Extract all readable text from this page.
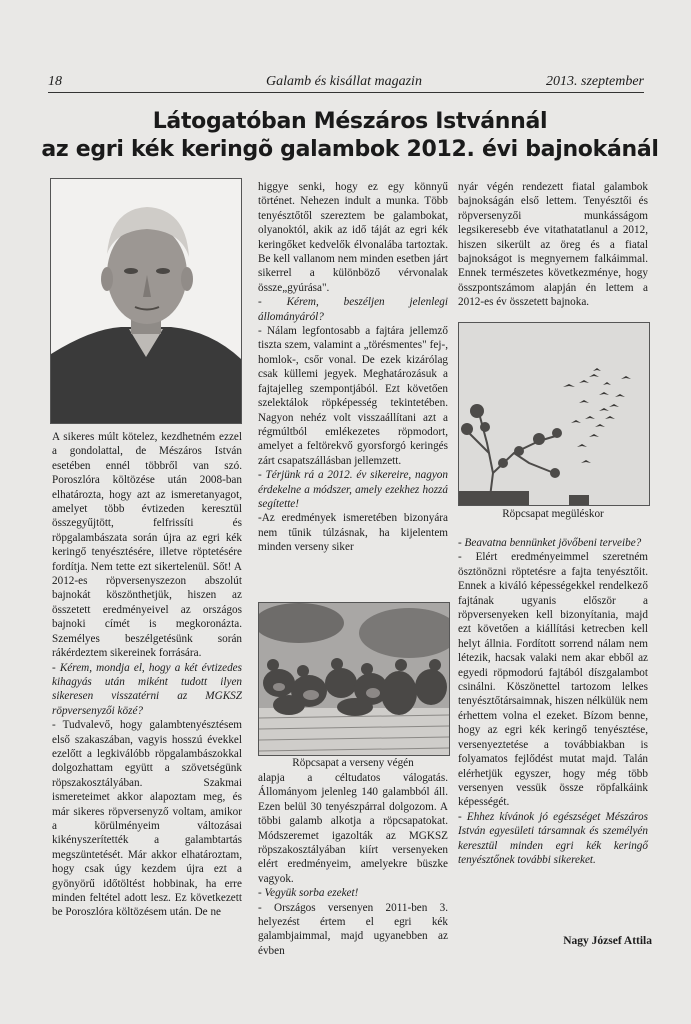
18	Galamb és kisállat magazin	2013. szeptember
Látogatóban Mészáros Istvánnál
az egri kék keringõ galambok 2012. évi bajnokánál

A sikeres múlt kötelez, kezdhetném ezzel a gondolattal, de Mészáros István esetében ennél többről van szó. Poroszlóra költözése után 2008-ban elhatározta, hogy azt az ismeretanyagot, amelyet több évtizeden keresztül összegyűjtött, felfrissíti és röpgalambászata során újra az egri kék keringő tenyésztésére, illetve röptetésére fordítja. Nem tette ezt sikertelenül. Sőt! A 2012-es röpversenyszezon abszolút bajnokát köszönthetjük, hiszen az összetett eredményeivel az országos bajnoki címét is megkoronázta. Személyes beszélgetésünk során rákérdeztem sikereinek forrására.

- Kérem, mondja el, hogy a két évtizedes kihagyás után miként tudott ilyen sikeresen visszatérni az MGKSZ röpversenyzői közé?

- Tudvalevő, hogy galambtenyésztésem első szakaszában, vagyis hosszú évekkel ezelőtt a legkiválóbb röpgalambászokkal dolgozhattam együtt a szövetségünk röpszakosztályában. Szakmai ismereteimet akkor alapoztam meg, és már sikeres röpversenyző voltam, amikor a körülményeim változásai kikényszerítették a galambtartás megszüntetését. Már akkor elhatároztam, hogy csak úgy kezdem újra ezt a gyönyörű időtöltést hobbinak, ha erre minden feltétel adott lesz. Ez következett be Poroszlóra költözésem után. De ne

higgye senki, hogy ez egy könnyű történet. Nehezen indult a munka. Több tenyésztőtől szereztem be galambokat, olyanoktól, akik az idő táját az egri kék keringőket kedvelők élvonalába tartoztak. Be kell vallanom nem minden esetben járt sikerrel a különböző vérvonalak össze„gyúrása".

- Kérem, beszéljen jelenlegi állományáról?

- Nálam legfontosabb a fajtára jellemző tiszta szem, valamint a „törésmentes" fej-, homlok-, csőr vonal. De ezek kizárólag csak küllemi jegyek. Meghatározásuk a fajtajelleg szempontjából. Ezt követően szelektálok röpképesség tekintetében. Nagyon nehéz volt visszaállítani azt a régmúltból emlékezetes röpmodort, amelyet a feltörekvő gyorsforgó keringés zárt csapatszállásban jellemzett.

- Térjünk rá a 2012. év sikereire, nagyon érdekelne a módszer, amely ezekhez hozzá segítette!

-Az eredmények ismeretében bizonyára nem tűnik túlzásnak, ha kijelentem minden verseny siker

Röpcsapat a verseny végén

alapja a céltudatos válogatás. Állományom jelenleg 140 galambból áll. Ezen belül 30 tenyészpárral dolgozom. A többi galamb alkotja a röpcsapatokat. Módszeremet igazolták az MGKSZ röpszakosztályában kiírt versenyeken elért eredményeim, amelyekre büszke vagyok.

- Vegyük sorba ezeket!

- Országos versenyen 2011-ben 3. helyezést értem el egri kék galambjaimmal, majd ugyanebben az évben

nyár végén rendezett fiatal galambok bajnokságán első lettem. Tenyésztői és röpversenyzői munkásságom legsikeresebb éve vitathatatlanul a 2012, hiszen sikerült az öreg és a fiatal bajnokságot is megnyernem falkáimmal. Ennek természetes következménye, hogy összpontszámom alapján én lettem a 2012-es év összetett bajnoka.

Röpcsapat megüléskor

- Beavatna bennünket jövőbeni terveibe?

- Elért eredményeimmel szeretném ösztönözni röptetésre a fajta tenyésztőit. Ennek a kiváló képességekkel rendelkező fajtának ugyanis először a röpversenyeken kell bizonyítania, majd ezt követően a kiállítási ketrecben kell helyt állnia. Fordított sorrend nálam nem létezik, hacsak valaki nem akar ebből az egyedi röpmodorú fajtából díszgalambot csinálni. Köszönettel tartozom lelkes tenyésztőtársaimnak, hiszen nélkülük nem érhettem volna el ezeket. Bízom benne, hogy az egri kék keringő tenyésztése, versenyeztetése a továbbiakban is folyamatos fejlődést mutat majd. Talán elérhetjük egyszer, hogy még több versenyen vessük össze röpfalkáink képességét.

- Ehhez kívánok jó egészséget Mészáros István egyesületi társamnak és személyén keresztül minden egri kék keringő tenyésztőnek további sikereket.

Nagy József Attila
